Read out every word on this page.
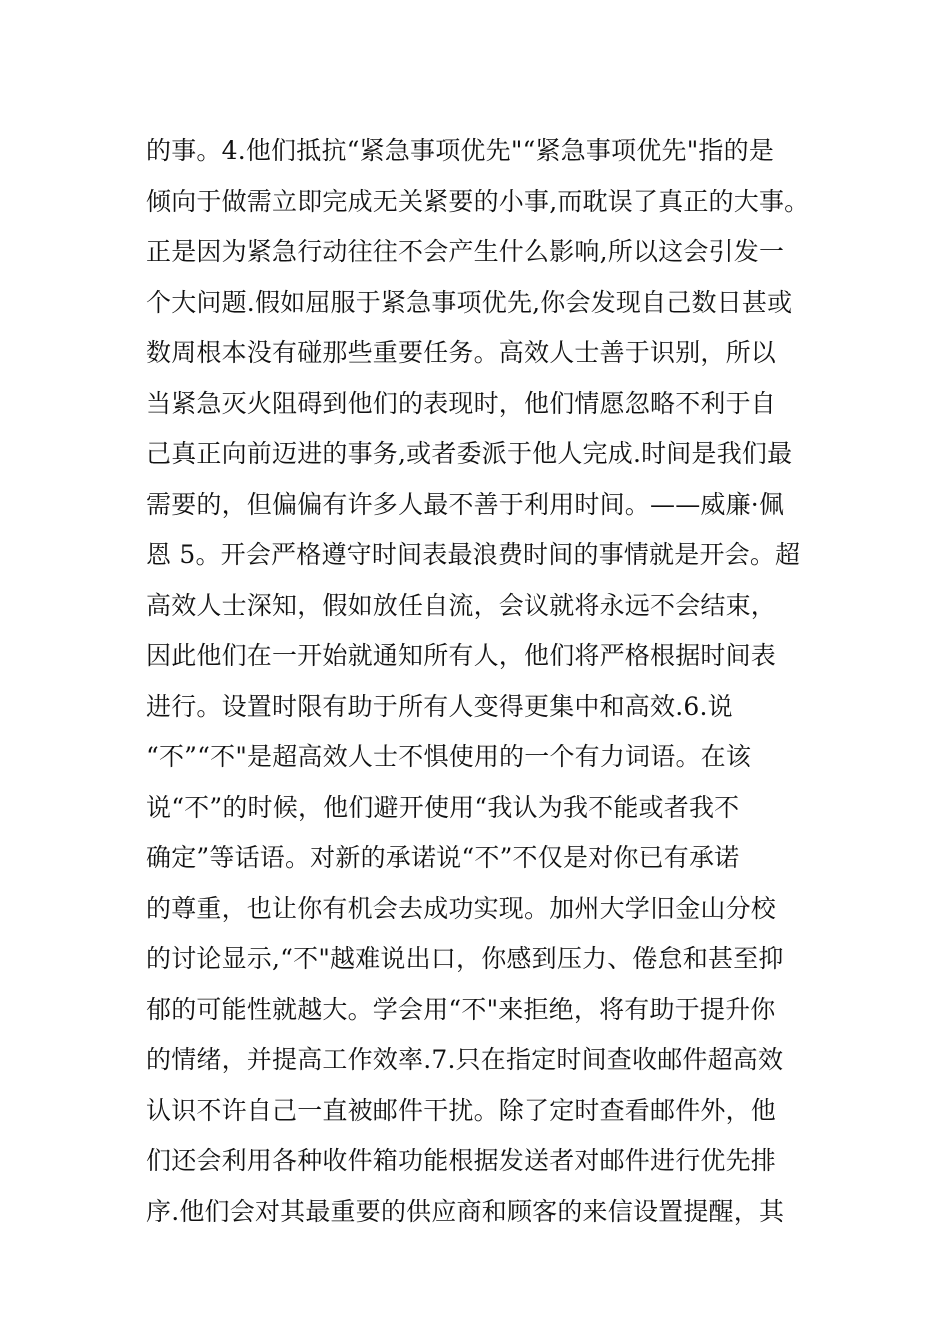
的事。4.他们抵抗“紧急事项优先"“紧急事项优先"指的是
倾向于做需立即完成无关紧要的小事,而耽误了真正的大事。
正是因为紧急行动往往不会产生什么影响,所以这会引发一
个大问题.假如屈服于紧急事项优先,你会发现自己数日甚或
数周根本没有碰那些重要任务。高效人士善于识别，所以
当紧急灭火阻碍到他们的表现时，他们情愿忽略不利于自
己真正向前迈进的事务,或者委派于他人完成.时间是我们最
需要的，但偏偏有许多人最不善于利用时间。——威廉·佩
恩 5。开会严格遵守时间表最浪费时间的事情就是开会。超
高效人士深知，假如放任自流，会议就将永远不会结束，
因此他们在一开始就通知所有人，他们将严格根据时间表
进行。设置时限有助于所有人变得更集中和高效.6.说
“不”“不"是超高效人士不惧使用的一个有力词语。在该
说“不”的时候，他们避开使用“我认为我不能或者我不
确定”等话语。对新的承诺说“不”不仅是对你已有承诺
的尊重，也让你有机会去成功实现。加州大学旧金山分校
的讨论显示,“不"越难说出口，你感到压力、倦怠和甚至抑
郁的可能性就越大。学会用“不"来拒绝，将有助于提升你
的情绪，并提高工作效率.7.只在指定时间查收邮件超高效
认识不许自己一直被邮件干扰。除了定时查看邮件外，他
们还会利用各种收件箱功能根据发送者对邮件进行优先排
序.他们会对其最重要的供应商和顾客的来信设置提醒，其
